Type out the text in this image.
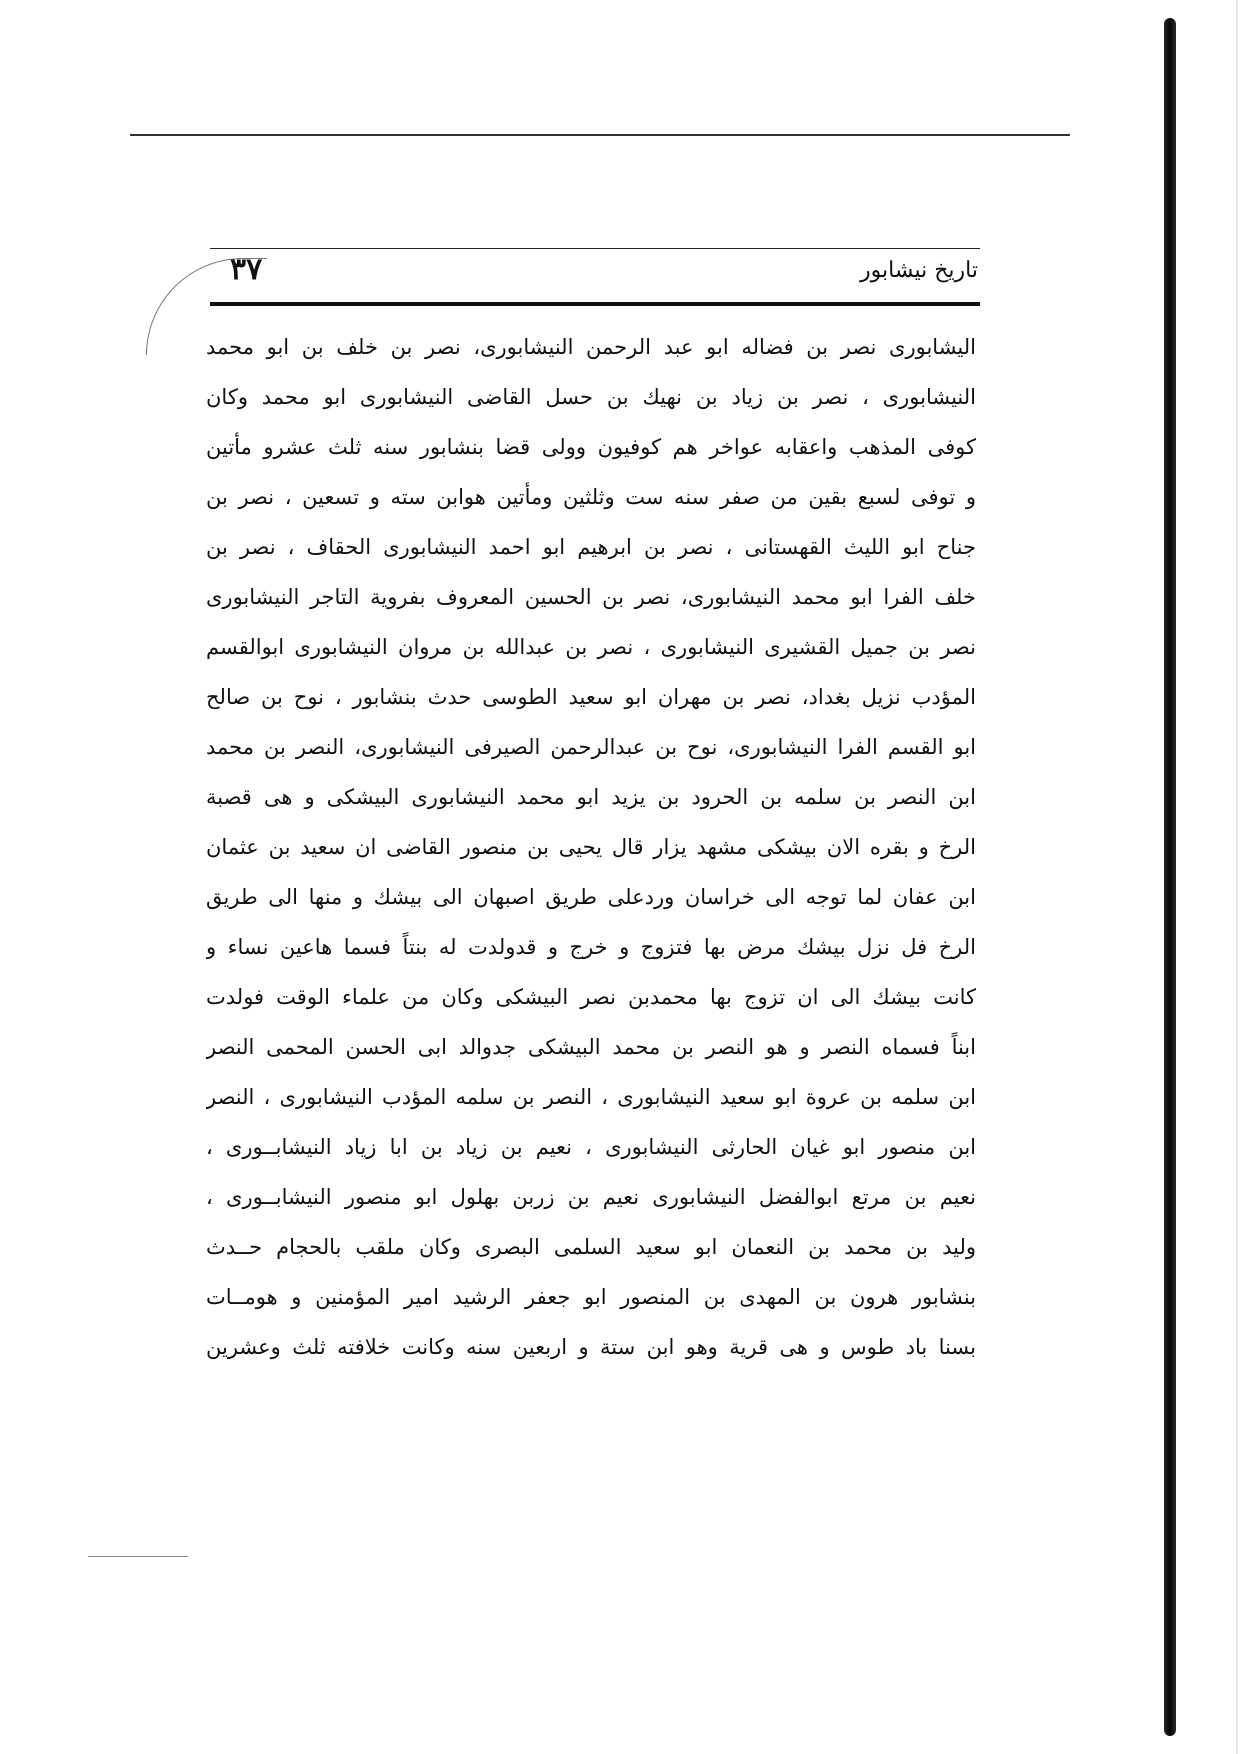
تاريخ نيشابور
۳۷
اليشابورى نصر بن فضاله ابو عبد الرحمن النيشابورى، نصر بن خلف بن ابو محمد
النيشابورى ، نصر بن زياد بن نهيك بن حسل القاضى النيشابورى ابو محمد وكان
كوفى المذهب واعقابه عواخر هم كوفيون وولى قضا بنشابور سنه ثلث عشرو مأتين
و توفى لسبع بقين من صفر سنه ست وثلثين ومأتين هوابن سته و تسعين ، نصر بن
جناح ابو الليث القهستانى ، نصر بن ابرهيم ابو احمد النيشابورى الحقاف ، نصر بن
خلف الفرا ابو محمد النيشابورى، نصر بن الحسين المعروف بفروية التاجر النيشابورى
نصر بن جميل القشيرى النيشابورى ، نصر بن عبدالله بن مروان النيشابورى ابوالقسم
المؤدب نزيل بغداد، نصر بن مهران ابو سعيد الطوسى حدث بنشابور ، نوح بن صالح
ابو القسم الفرا النيشابورى، نوح بن عبدالرحمن الصيرفى النيشابورى، النصر بن محمد
ابن النصر بن سلمه بن الحرود بن يزيد ابو محمد النيشابورى البيشكى و هى قصبة
الرخ و بقره الان بيشكى مشهد يزار قال يحيى بن منصور القاضى ان سعيد بن عثمان
ابن عفان لما توجه الى خراسان وردعلى طريق اصبهان الى بيشك و منها الى طريق
الرخ فل نزل بيشك مرض بها فتزوج و خرج و قدولدت له بنتاً فسما هاعين نساء و
كانت بيشك الى ان تزوج بها محمدبن نصر البيشكى وكان من علماء الوقت فولدت
ابناً فسماه النصر و هو النصر بن محمد البيشكى جدوالد ابى الحسن المحمى النصر
ابن سلمه بن عروة ابو سعيد النيشابورى ، النصر بن سلمه المؤدب النيشابورى ، النصر
ابن منصور ابو غيان الحارثى النيشابورى ، نعيم بن زياد بن ابا زياد النيشابــورى ،
نعيم بن مرتع ابوالفضل النيشابورى نعيم بن زربن بهلول ابو منصور النيشابــورى ،
وليد بن محمد بن النعمان ابو سعيد السلمى البصرى وكان ملقب بالحجام حــدث
بنشابور هرون بن المهدى بن المنصور ابو جعفر الرشيد امير المؤمنين و هومــات
بسنا باد طوس و هى قرية وهو ابن ستة و اربعين سنه وكانت خلافته ثلث وعشرين
